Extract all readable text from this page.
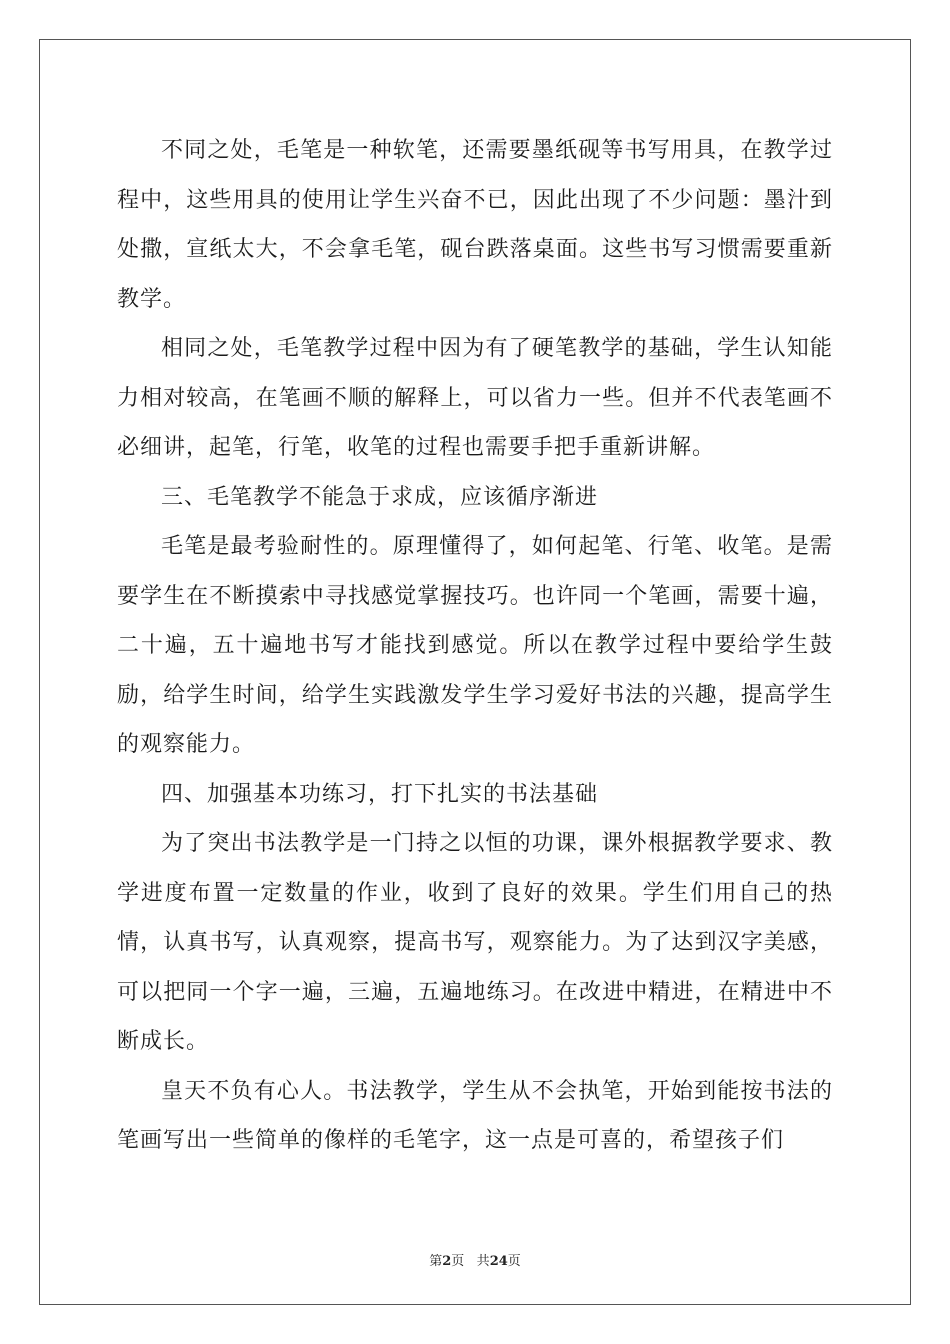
不同之处，毛笔是一种软笔，还需要墨纸砚等书写用具，在教学过程中，这些用具的使用让学生兴奋不已，因此出现了不少问题：墨汁到处撒，宣纸太大，不会拿毛笔，砚台跌落桌面。这些书写习惯需要重新教学。

相同之处，毛笔教学过程中因为有了硬笔教学的基础，学生认知能力相对较高，在笔画不顺的解释上，可以省力一些。但并不代表笔画不必细讲，起笔，行笔，收笔的过程也需要手把手重新讲解。

三、毛笔教学不能急于求成，应该循序渐进

毛笔是最考验耐性的。原理懂得了，如何起笔、行笔、收笔。是需要学生在不断摸索中寻找感觉掌握技巧。也许同一个笔画，需要十遍，二十遍，五十遍地书写才能找到感觉。所以在教学过程中要给学生鼓励，给学生时间，给学生实践激发学生学习爱好书法的兴趣，提高学生的观察能力。

四、加强基本功练习，打下扎实的书法基础

为了突出书法教学是一门持之以恒的功课，课外根据教学要求、教学进度布置一定数量的作业，收到了良好的效果。学生们用自己的热情，认真书写，认真观察，提高书写，观察能力。为了达到汉字美感，可以把同一个字一遍，三遍，五遍地练习。在改进中精进，在精进中不断成长。

皇天不负有心人。书法教学，学生从不会执笔，开始到能按书法的笔画写出一些简单的像样的毛笔字，这一点是可喜的，希望孩子们

第2页 共24页
